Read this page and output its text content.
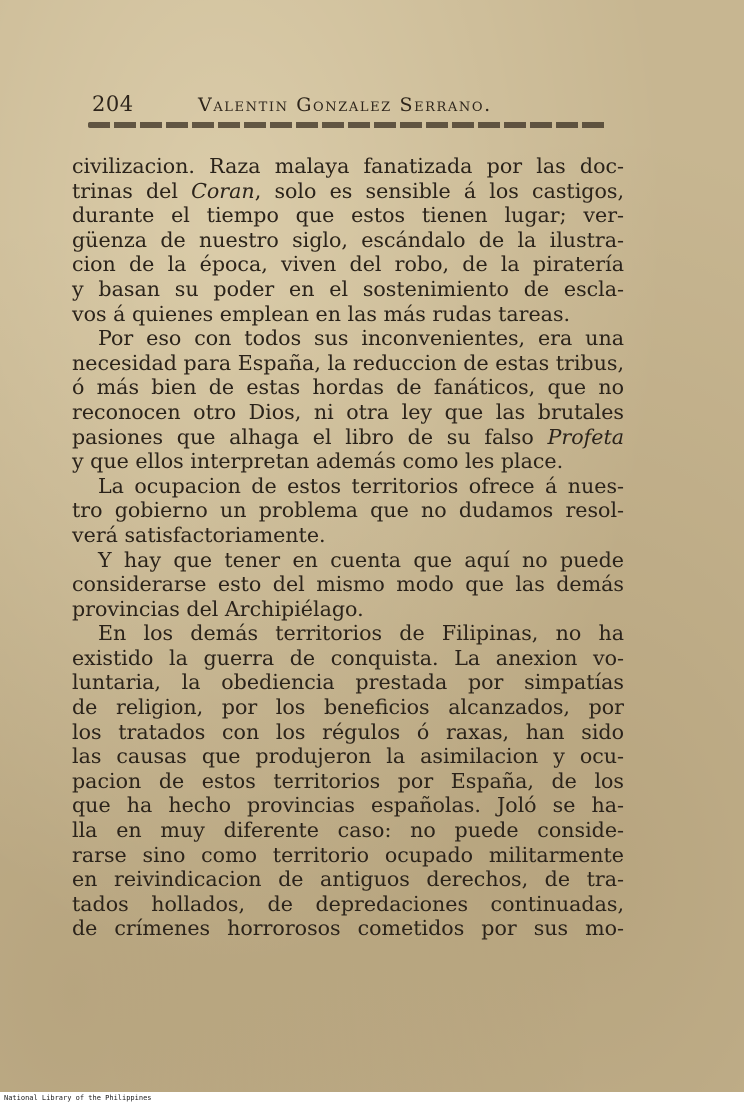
204	Valentin Gonzalez Serrano.
civilizacion. Raza malaya fanatizada por las doc-
trinas del Coran, solo es sensible á los castigos,
durante el tiempo que estos tienen lugar; ver-
güenza de nuestro siglo, escándalo de la ilustra-
cion de la época, viven del robo, de la piratería
y basan su poder en el sostenimiento de escla-
vos á quienes emplean en las más rudas tareas.
Por eso con todos sus inconvenientes, era una
necesidad para España, la reduccion de estas tribus,
ó más bien de estas hordas de fanáticos, que no
reconocen otro Dios, ni otra ley que las brutales
pasiones que alhaga el libro de su falso Profeta
y que ellos interpretan además como les place.
La ocupacion de estos territorios ofrece á nues-
tro gobierno un problema que no dudamos resol-
verá satisfactoriamente.
Y hay que tener en cuenta que aquí no puede
considerarse esto del mismo modo que las demás
provincias del Archipiélago.
En los demás territorios de Filipinas, no ha
existido la guerra de conquista. La anexion vo-
luntaria, la obediencia prestada por simpatías
de religion, por los beneficios alcanzados, por
los tratados con los régulos ó raxas, han sido
las causas que produjeron la asimilacion y ocu-
pacion de estos territorios por España, de los
que ha hecho provincias españolas. Joló se ha-
lla en muy diferente caso: no puede conside-
rarse sino como territorio ocupado militarmente
en reivindicacion de antiguos derechos, de tra-
tados hollados, de depredaciones continuadas,
de crímenes horrorosos cometidos por sus mo-
National Library of the Philippines
